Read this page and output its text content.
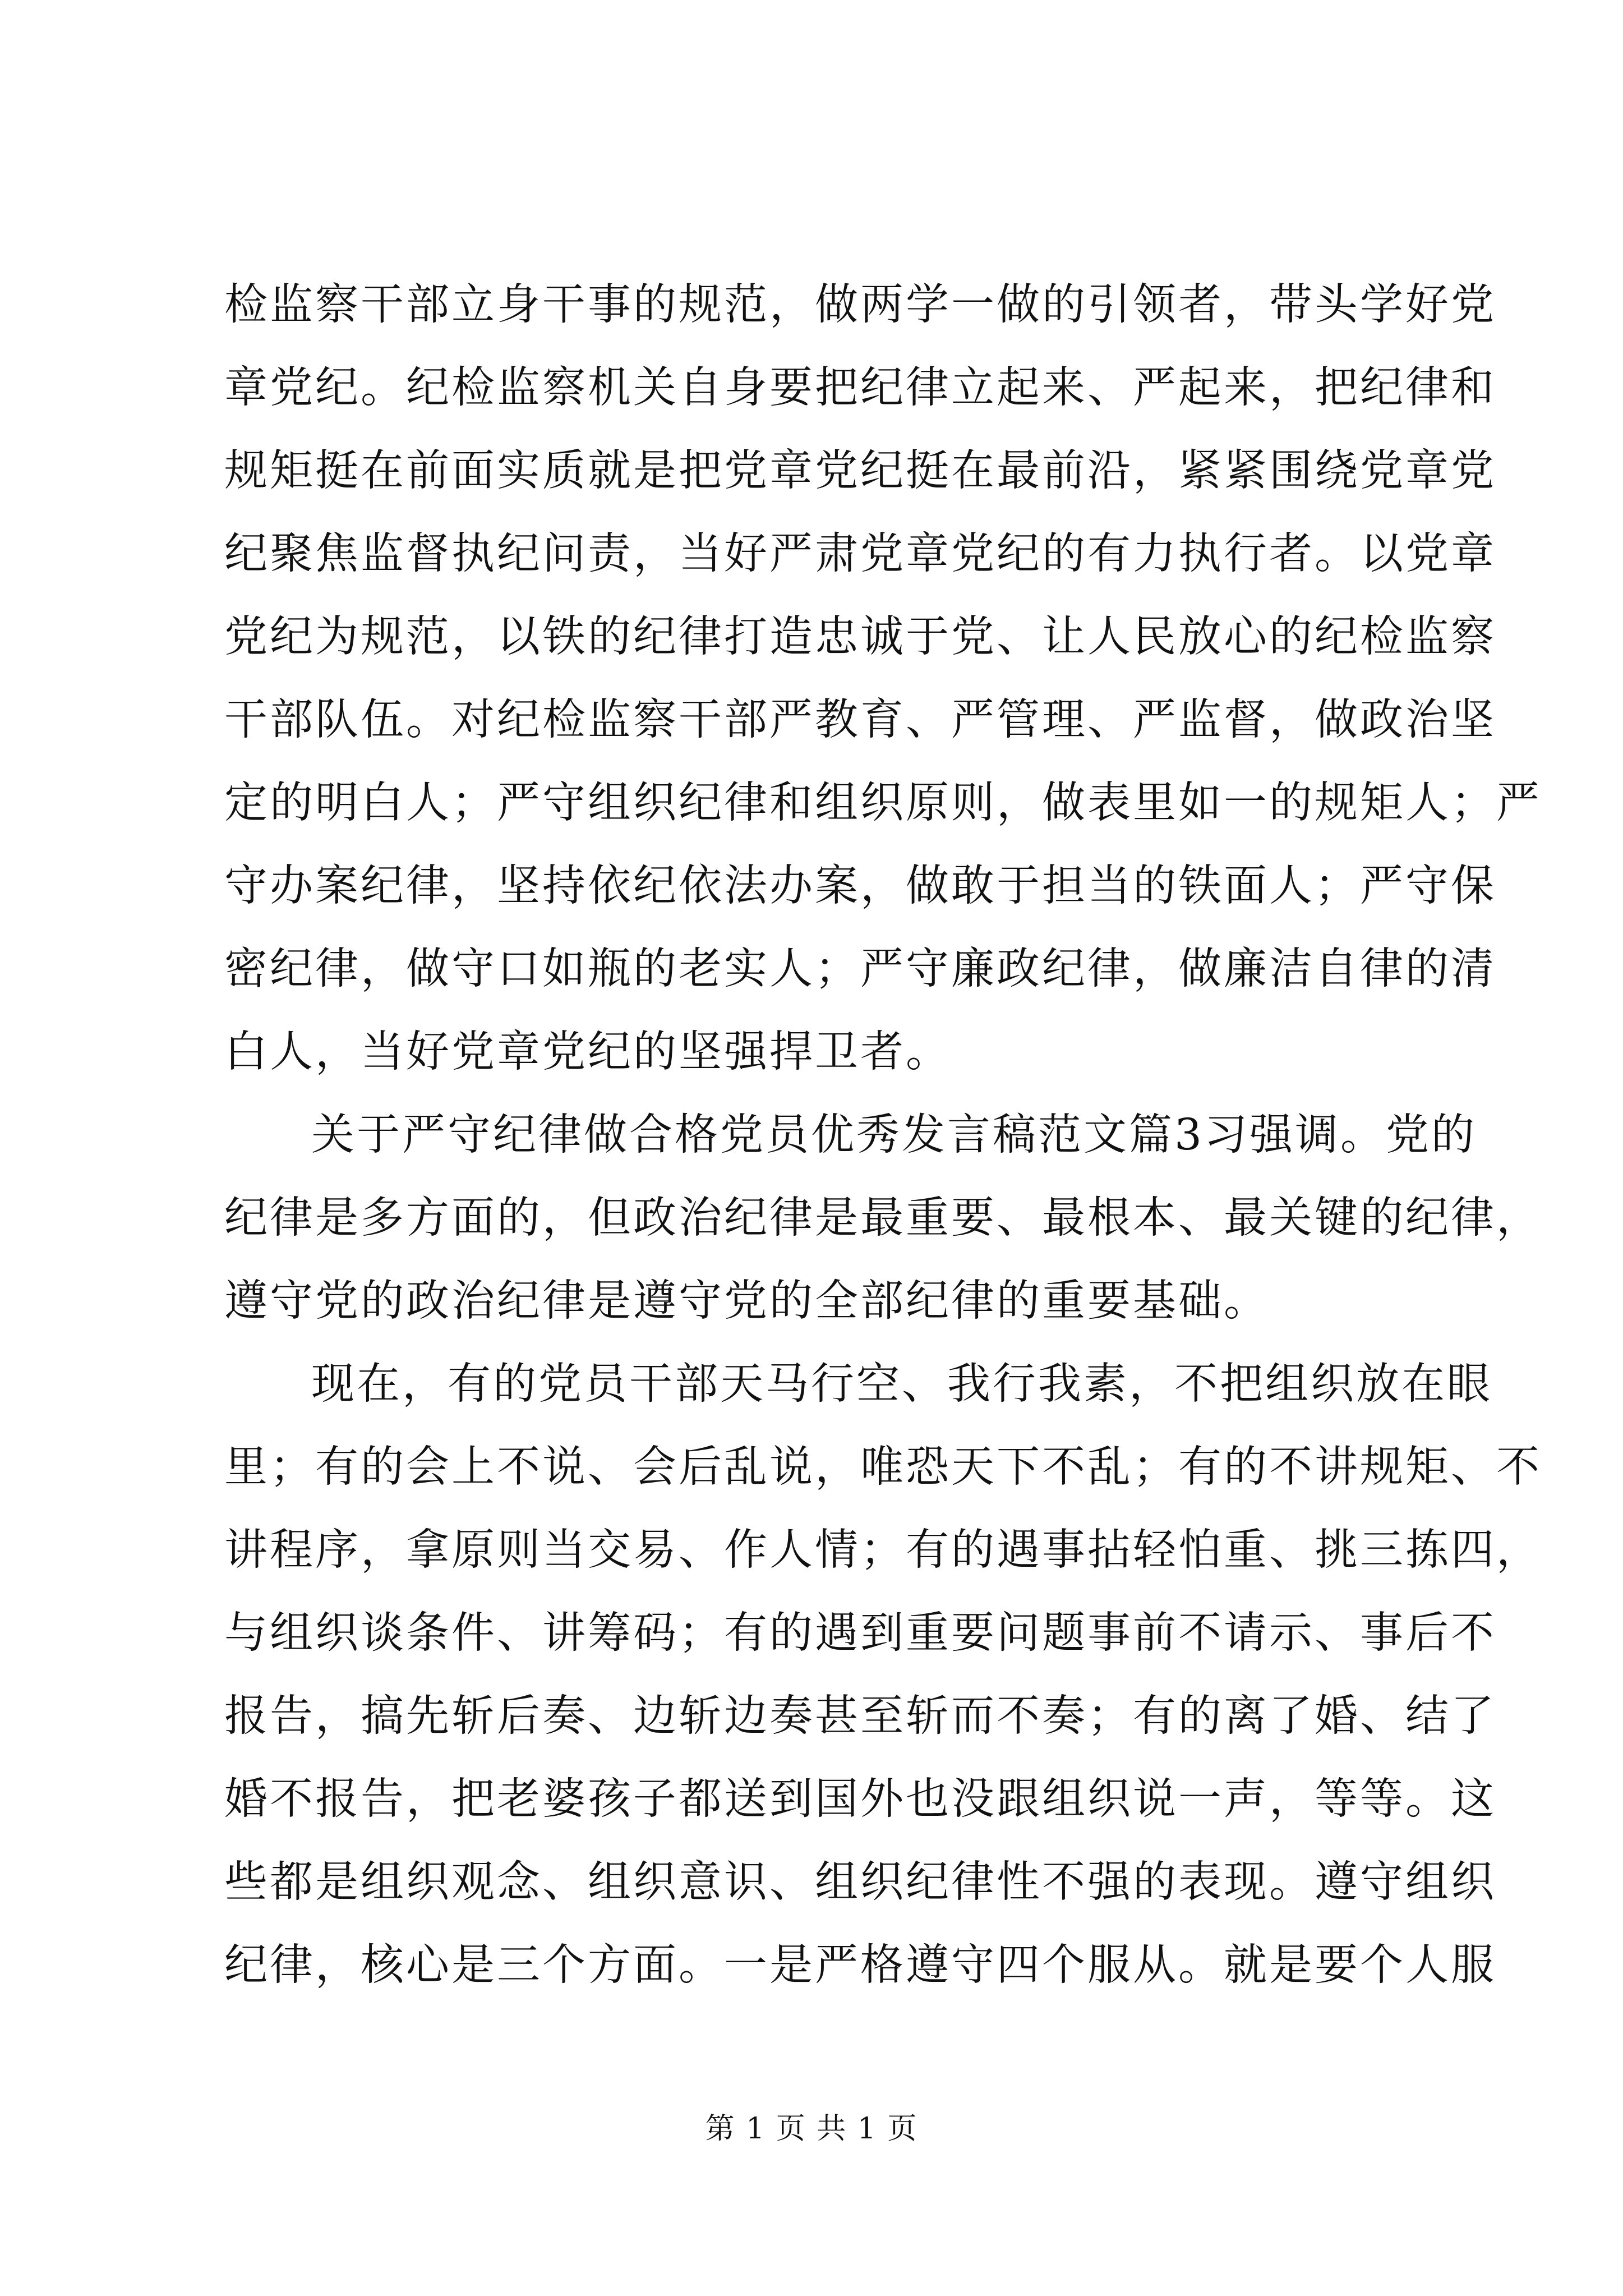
检监察干部立身干事的规范，做两学一做的引领者，带头学好党
章党纪。纪检监察机关自身要把纪律立起来、严起来，把纪律和
规矩挺在前面实质就是把党章党纪挺在最前沿，紧紧围绕党章党
纪聚焦监督执纪问责，当好严肃党章党纪的有力执行者。以党章
党纪为规范，以铁的纪律打造忠诚于党、让人民放心的纪检监察
干部队伍。对纪检监察干部严教育、严管理、严监督，做政治坚
定的明白人；严守组织纪律和组织原则，做表里如一的规矩人；严
守办案纪律，坚持依纪依法办案，做敢于担当的铁面人；严守保
密纪律，做守口如瓶的老实人；严守廉政纪律，做廉洁自律的清
白人，当好党章党纪的坚强捍卫者。
关于严守纪律做合格党员优秀发言稿范文篇3习强调。党的
纪律是多方面的，但政治纪律是最重要、最根本、最关键的纪律，
遵守党的政治纪律是遵守党的全部纪律的重要基础。
现在，有的党员干部天马行空、我行我素，不把组织放在眼
里；有的会上不说、会后乱说，唯恐天下不乱；有的不讲规矩、不
讲程序，拿原则当交易、作人情；有的遇事拈轻怕重、挑三拣四，
与组织谈条件、讲筹码；有的遇到重要问题事前不请示、事后不
报告，搞先斩后奏、边斩边奏甚至斩而不奏；有的离了婚、结了
婚不报告，把老婆孩子都送到国外也没跟组织说一声，等等。这
些都是组织观念、组织意识、组织纪律性不强的表现。遵守组织
纪律，核心是三个方面。一是严格遵守四个服从。就是要个人服
第 1 页 共 1 页
